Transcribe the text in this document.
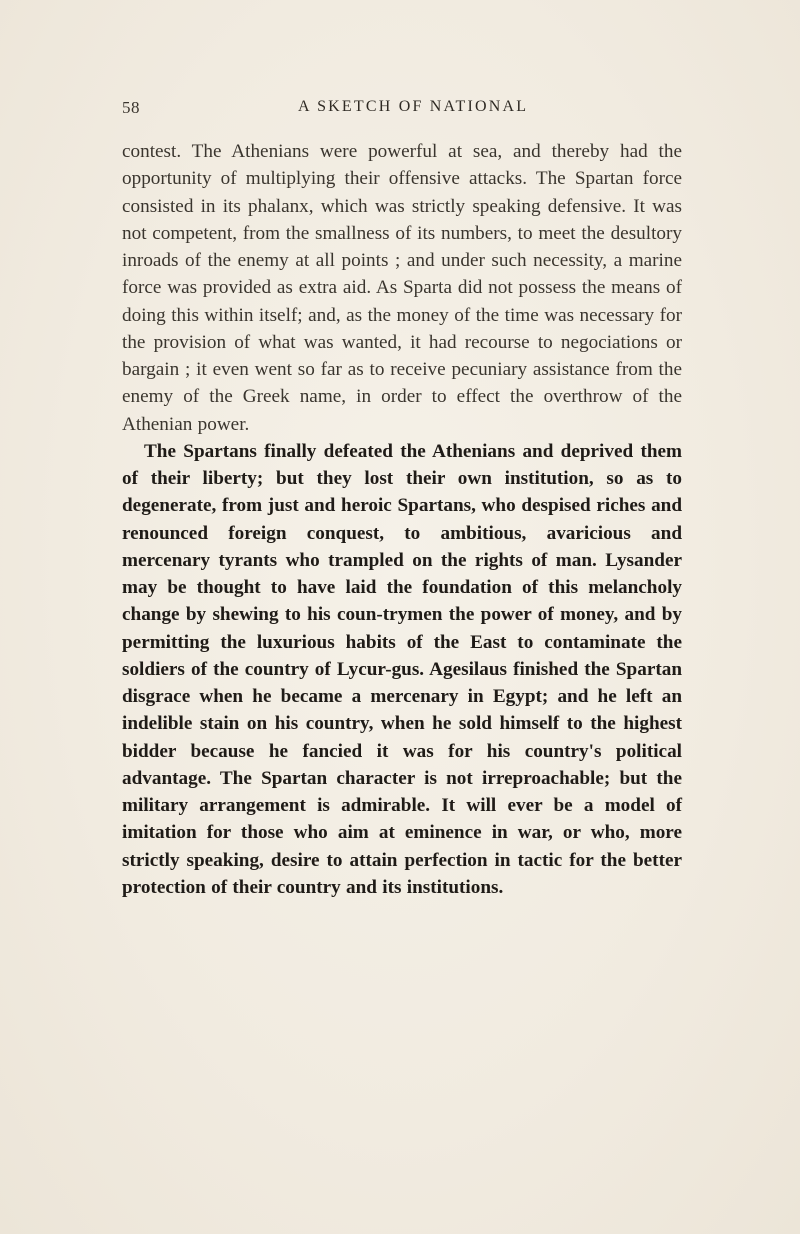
58	A SKETCH OF NATIONAL

contest. The Athenians were powerful at sea, and thereby had the opportunity of multiplying their offensive attacks. The Spartan force consisted in its phalanx, which was strictly speaking defensive. It was not competent, from the smallness of its numbers, to meet the desultory inroads of the enemy at all points ; and under such necessity, a marine force was provided as extra aid. As Sparta did not possess the means of doing this within itself; and, as the money of the time was necessary for the provision of what was wanted, it had recourse to negociations or bargain ; it even went so far as to receive pecuniary assistance from the enemy of the Greek name, in order to effect the overthrow of the Athenian power.

The Spartans finally defeated the Athenians and deprived them of their liberty; but they lost their own institution, so as to degenerate, from just and heroic Spartans, who despised riches and renounced foreign conquest, to ambitious, avaricious and mercenary tyrants who trampled on the rights of man. Lysander may be thought to have laid the foundation of this melancholy change by shewing to his coun-trymen the power of money, and by permitting the luxurious habits of the East to contaminate the soldiers of the country of Lycur-gus. Agesilaus finished the Spartan disgrace when he became a mercenary in Egypt; and he left an indelible stain on his country, when he sold himself to the highest bidder because he fancied it was for his country's political advantage. The Spartan character is not irreproachable; but the military arrangement is admirable. It will ever be a model of imitation for those who aim at eminence in war, or who, more strictly speaking, desire to attain perfection in tactic for the better protection of their country and its institutions.
